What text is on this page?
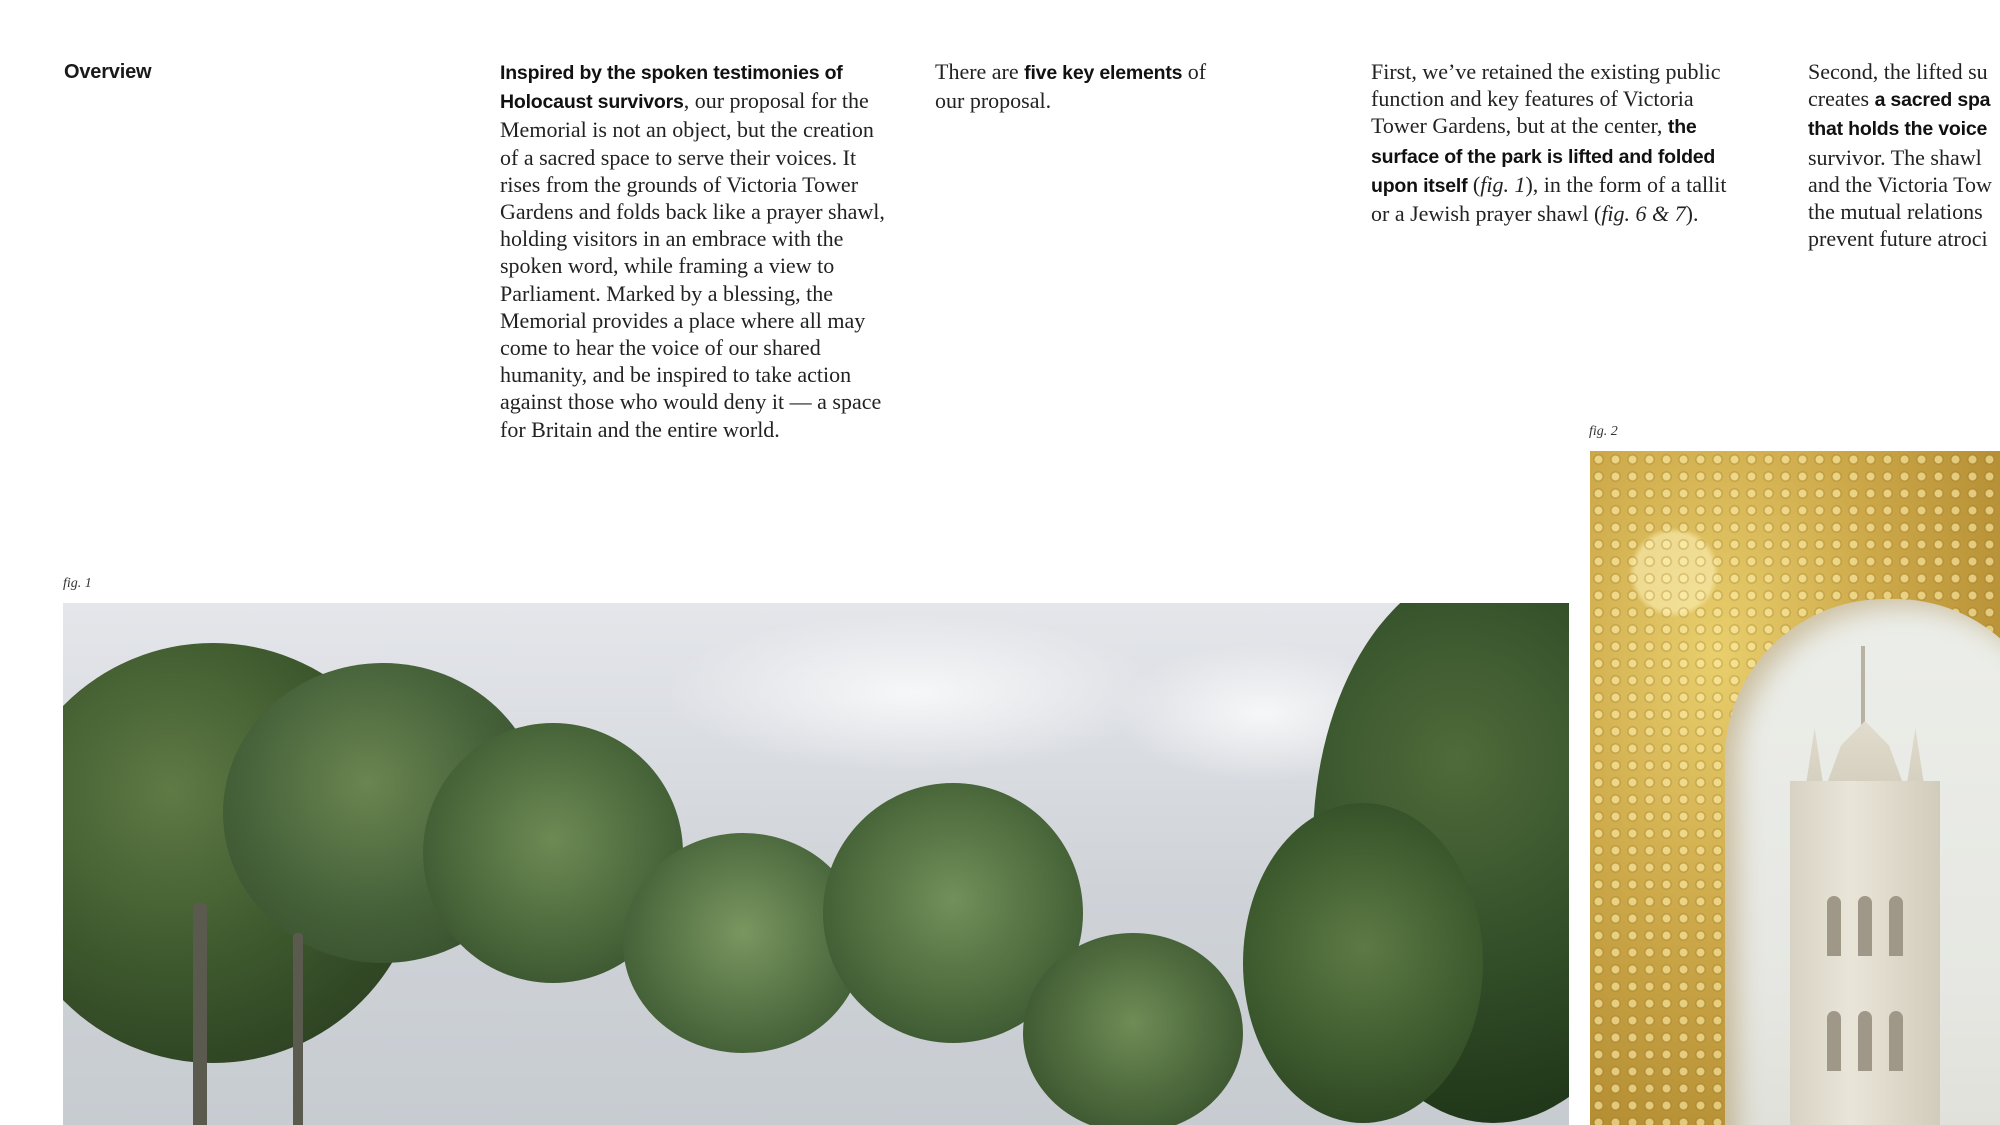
Overview	Inspired by the spoken testimonies of Holocaust survivors, our proposal for the Memorial is not an object, but the creation of a sacred space to serve their voices. It rises from the grounds of Victoria Tower Gardens and folds back like a prayer shawl, holding visitors in an embrace with the spoken word, while framing a view to Parliament. Marked by a blessing, the Memorial provides a place where all may come to hear the voice of our shared humanity, and be inspired to take action against those who would deny it — a space for Britain and the entire world.
There are five key elements of our proposal.
First, we’ve retained the existing public function and key features of Victoria Tower Gardens, but at the center, the surface of the park is lifted and folded upon itself (fig. 1), in the form of a tallit or a Jewish prayer shawl (fig. 6 & 7).
Second, the lifted su
creates a sacred spa
that holds the voice
survivor. The shawl
and the Victoria Tow
the mutual relations
prevent future atroci
fig. 1
fig. 2
